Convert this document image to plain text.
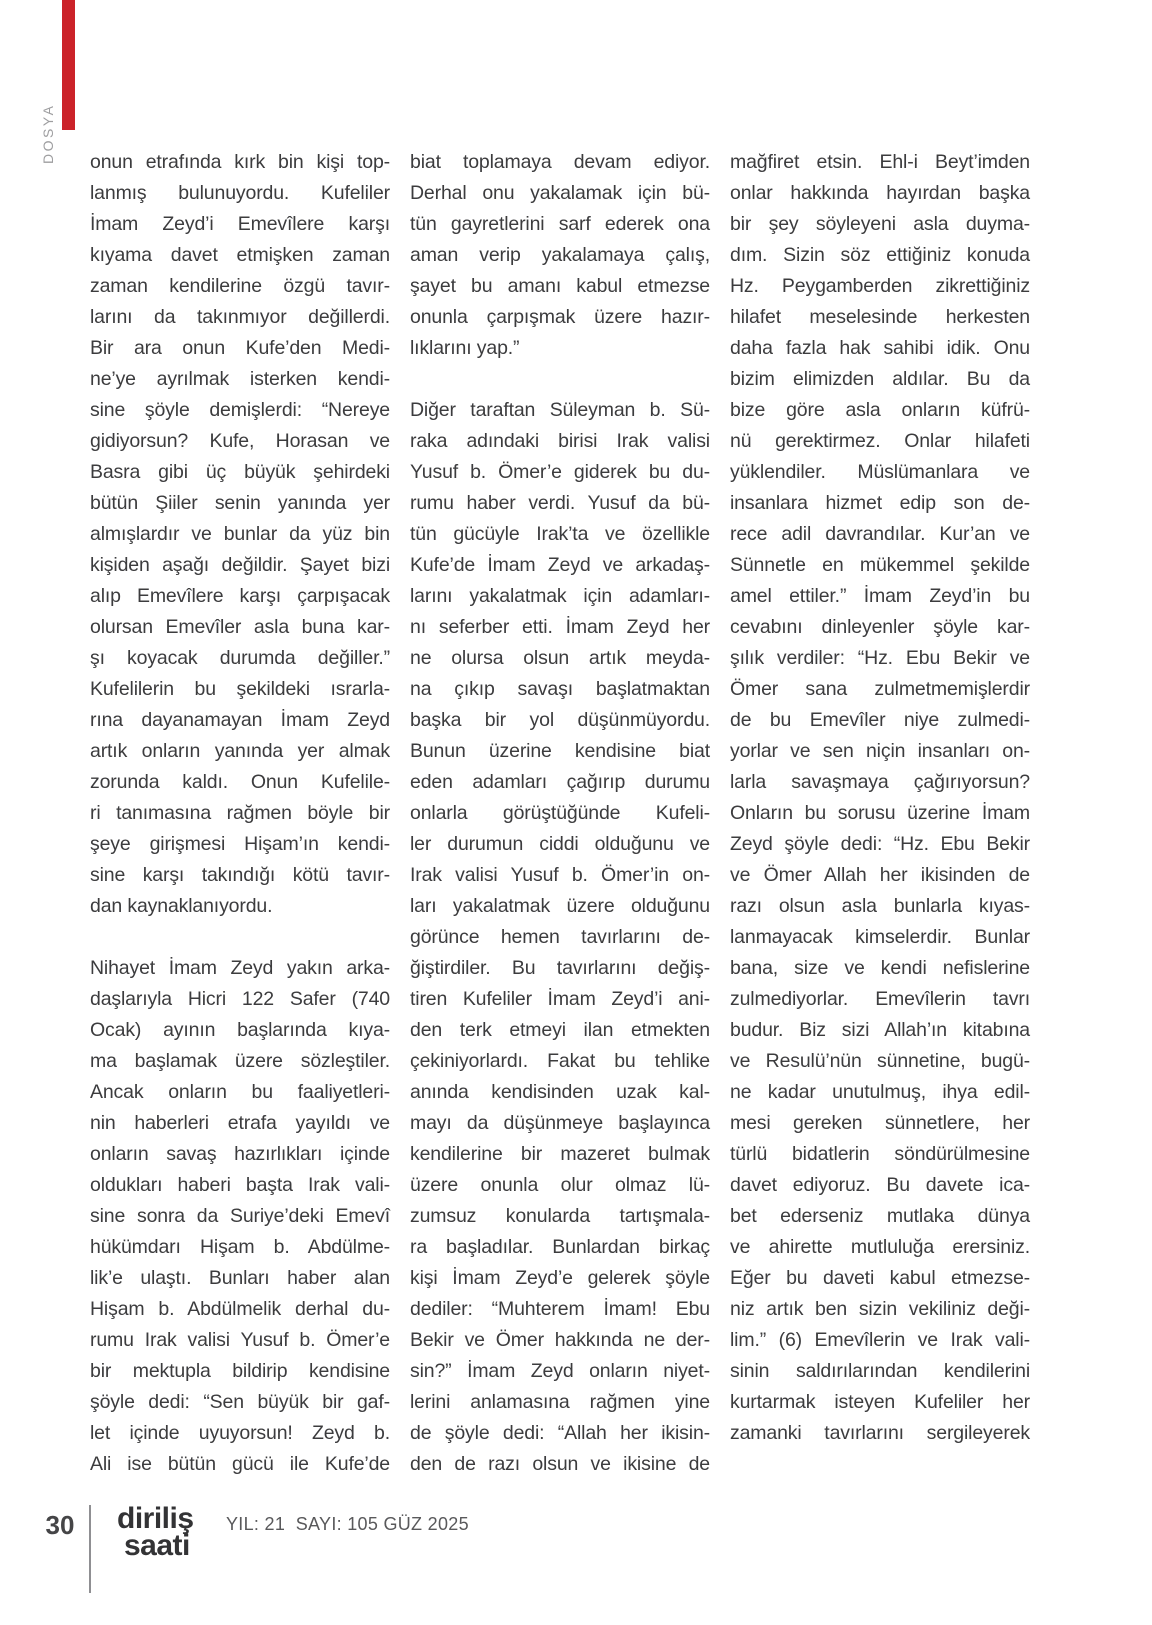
DOSYA onun etrafında kırk bin kişi top-
lanmış bulunuyordu. Kufeliler
İmam Zeyd’i Emevîlere karşı
kıyama davet etmişken zaman
zaman kendilerine özgü tavır-
larını da takınmıyor değillerdi.
Bir ara onun Kufe’den Medi-
ne’ye ayrılmak isterken kendi-
sine şöyle demişlerdi: “Nereye
gidiyorsun? Kufe, Horasan ve
Basra gibi üç büyük şehirdeki
bütün Şiiler senin yanında yer
almışlardır ve bunlar da yüz bin
kişiden aşağı değildir. Şayet bizi
alıp Emevîlere karşı çarpışacak
olursan Emevîler asla buna kar-
şı koyacak durumda değiller.”
Kufelilerin bu şekildeki ısrarla-
rına dayanamayan İmam Zeyd
artık onların yanında yer almak
zorunda kaldı. Onun Kufelile-
ri tanımasına rağmen böyle bir
şeye girişmesi Hişam’ın kendi-
sine karşı takındığı kötü tavır-
dan kaynaklanıyordu.
Nihayet İmam Zeyd yakın arka-
daşlarıyla Hicri 122 Safer (740
Ocak) ayının başlarında kıya-
ma başlamak üzere sözleştiler.
Ancak onların bu faaliyetleri-
nin haberleri etrafa yayıldı ve
onların savaş hazırlıkları içinde
oldukları haberi başta Irak vali-
sine sonra da Suriye’deki Emevî
hükümdarı Hişam b. Abdülme-
lik’e ulaştı. Bunları haber alan
Hişam b. Abdülmelik derhal du-
rumu Irak valisi Yusuf b. Ömer’e
bir mektupla bildirip kendisine
şöyle dedi: “Sen büyük bir gaf-
let içinde uyuyorsun! Zeyd b.
Ali ise bütün gücü ile Kufe’de
biat toplamaya devam ediyor.
Derhal onu yakalamak için bü-
tün gayretlerini sarf ederek ona
aman verip yakalamaya çalış,
şayet bu amanı kabul etmezse
onunla çarpışmak üzere hazır-
lıklarını yap.”
Diğer taraftan Süleyman b. Sü-
raka adındaki birisi Irak valisi
Yusuf b. Ömer’e giderek bu du-
rumu haber verdi. Yusuf da bü-
tün gücüyle Irak’ta ve özellikle
Kufe’de İmam Zeyd ve arkadaş-
larını yakalatmak için adamları-
nı seferber etti. İmam Zeyd her
ne olursa olsun artık meyda-
na çıkıp savaşı başlatmaktan
başka bir yol düşünmüyordu.
Bunun üzerine kendisine biat
eden adamları çağırıp durumu
onlarla görüştüğünde Kufeli-
ler durumun ciddi olduğunu ve
Irak valisi Yusuf b. Ömer’in on-
ları yakalatmak üzere olduğunu
görünce hemen tavırlarını de-
ğiştirdiler. Bu tavırlarını değiş-
tiren Kufeliler İmam Zeyd’i ani-
den terk etmeyi ilan etmekten
çekiniyorlardı. Fakat bu tehlike
anında kendisinden uzak kal-
mayı da düşünmeye başlayınca
kendilerine bir mazeret bulmak
üzere onunla olur olmaz lü-
zumsuz konularda tartışmala-
ra başladılar. Bunlardan birkaç
kişi İmam Zeyd’e gelerek şöyle
dediler: “Muhterem İmam! Ebu
Bekir ve Ömer hakkında ne der-
sin?” İmam Zeyd onların niyet-
lerini anlamasına rağmen yine
de şöyle dedi: “Allah her ikisin-
den de razı olsun ve ikisine de
mağfiret etsin. Ehl-i Beyt’imden
onlar hakkında hayırdan başka
bir şey söyleyeni asla duyma-
dım. Sizin söz ettiğiniz konuda
Hz. Peygamberden zikrettiğiniz
hilafet meselesinde herkesten
daha fazla hak sahibi idik. Onu
bizim elimizden aldılar. Bu da
bize göre asla onların küfrü-
nü gerektirmez. Onlar hilafeti
yüklendiler. Müslümanlara ve
insanlara hizmet edip son de-
rece adil davrandılar. Kur’an ve
Sünnetle en mükemmel şekilde
amel ettiler.” İmam Zeyd’in bu
cevabını dinleyenler şöyle kar-
şılık verdiler: “Hz. Ebu Bekir ve
Ömer sana zulmetmemişlerdir
de bu Emevîler niye zulmedi-
yorlar ve sen niçin insanları on-
larla savaşmaya çağırıyorsun?
Onların bu sorusu üzerine İmam
Zeyd şöyle dedi: “Hz. Ebu Bekir
ve Ömer Allah her ikisinden de
razı olsun asla bunlarla kıyas-
lanmayacak kimselerdir. Bunlar
bana, size ve kendi nefislerine
zulmediyorlar. Emevîlerin tavrı
budur. Biz sizi Allah’ın kitabına
ve Resulü’nün sünnetine, bugü-
ne kadar unutulmuş, ihya edil-
mesi gereken sünnetlere, her
türlü bidatlerin söndürülmesine
davet ediyoruz. Bu davete ica-
bet ederseniz mutlaka dünya
ve ahirette mutluluğa erersiniz.
Eğer bu daveti kabul etmezse-
niz artık ben sizin vekiliniz deği-
lim.” (6) Emevîlerin ve Irak vali-
sinin saldırılarından kendilerini
kurtarmak isteyen Kufeliler her
zamanki tavırlarını sergileyerek
30 diriliş
saati
YIL: 21  SAYI: 105 GÜZ 2025
